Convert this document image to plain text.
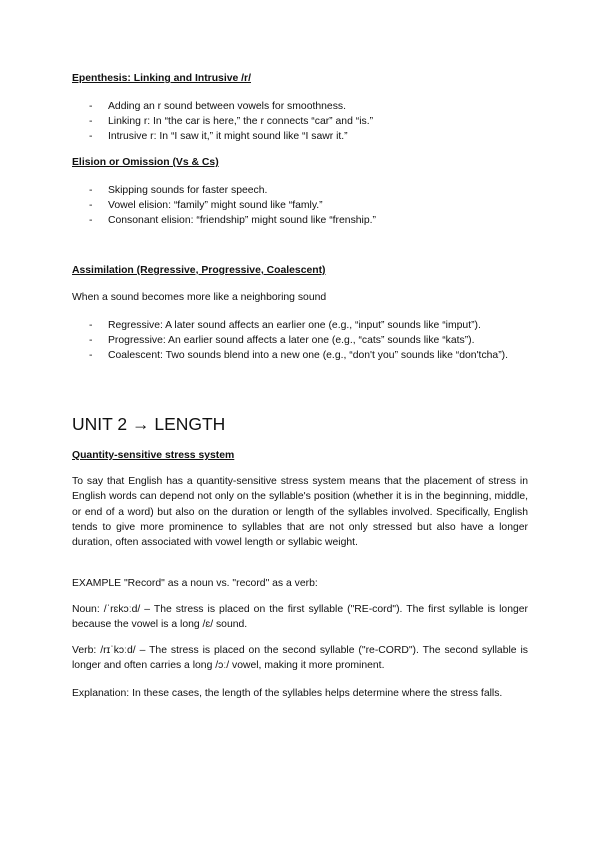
Epenthesis: Linking and Intrusive /r/
- Adding an r sound between vowels for smoothness.
- Linking r: In “the car is here,” the r connects “car” and “is.”
- Intrusive r: In “I saw it,” it might sound like “I sawr it.”
Elision or Omission (Vs & Cs)
- Skipping sounds for faster speech.
- Vowel elision: “family” might sound like “famly.”
- Consonant elision: “friendship” might sound like “frenship.”
Assimilation (Regressive, Progressive, Coalescent)
When a sound becomes more like a neighboring sound
- Regressive: A later sound affects an earlier one (e.g., “input” sounds like “imput”).
- Progressive: An earlier sound affects a later one (e.g., “cats” sounds like “kats”).
- Coalescent: Two sounds blend into a new one (e.g., “don't you” sounds like “don'tcha”).
UNIT 2 → LENGTH
Quantity-sensitive stress system

To say that English has a quantity-sensitive stress system means that the placement of stress in English words can depend not only on the syllable's position (whether it is in the beginning, middle, or end of a word) but also on the duration or length of the syllables involved. Specifically, English tends to give more prominence to syllables that are not only stressed but also have a longer duration, often associated with vowel length or syllabic weight.

EXAMPLE "Record" as a noun vs. "record" as a verb:

Noun: /ˈrɛkɔːd/ – The stress is placed on the first syllable ("RE-cord"). The first syllable is longer because the vowel is a long /ɛ/ sound.

Verb: /rɪˈkɔːd/ – The stress is placed on the second syllable ("re-CORD"). The second syllable is longer and often carries a long /ɔː/ vowel, making it more prominent.

Explanation: In these cases, the length of the syllables helps determine where the stress falls.
